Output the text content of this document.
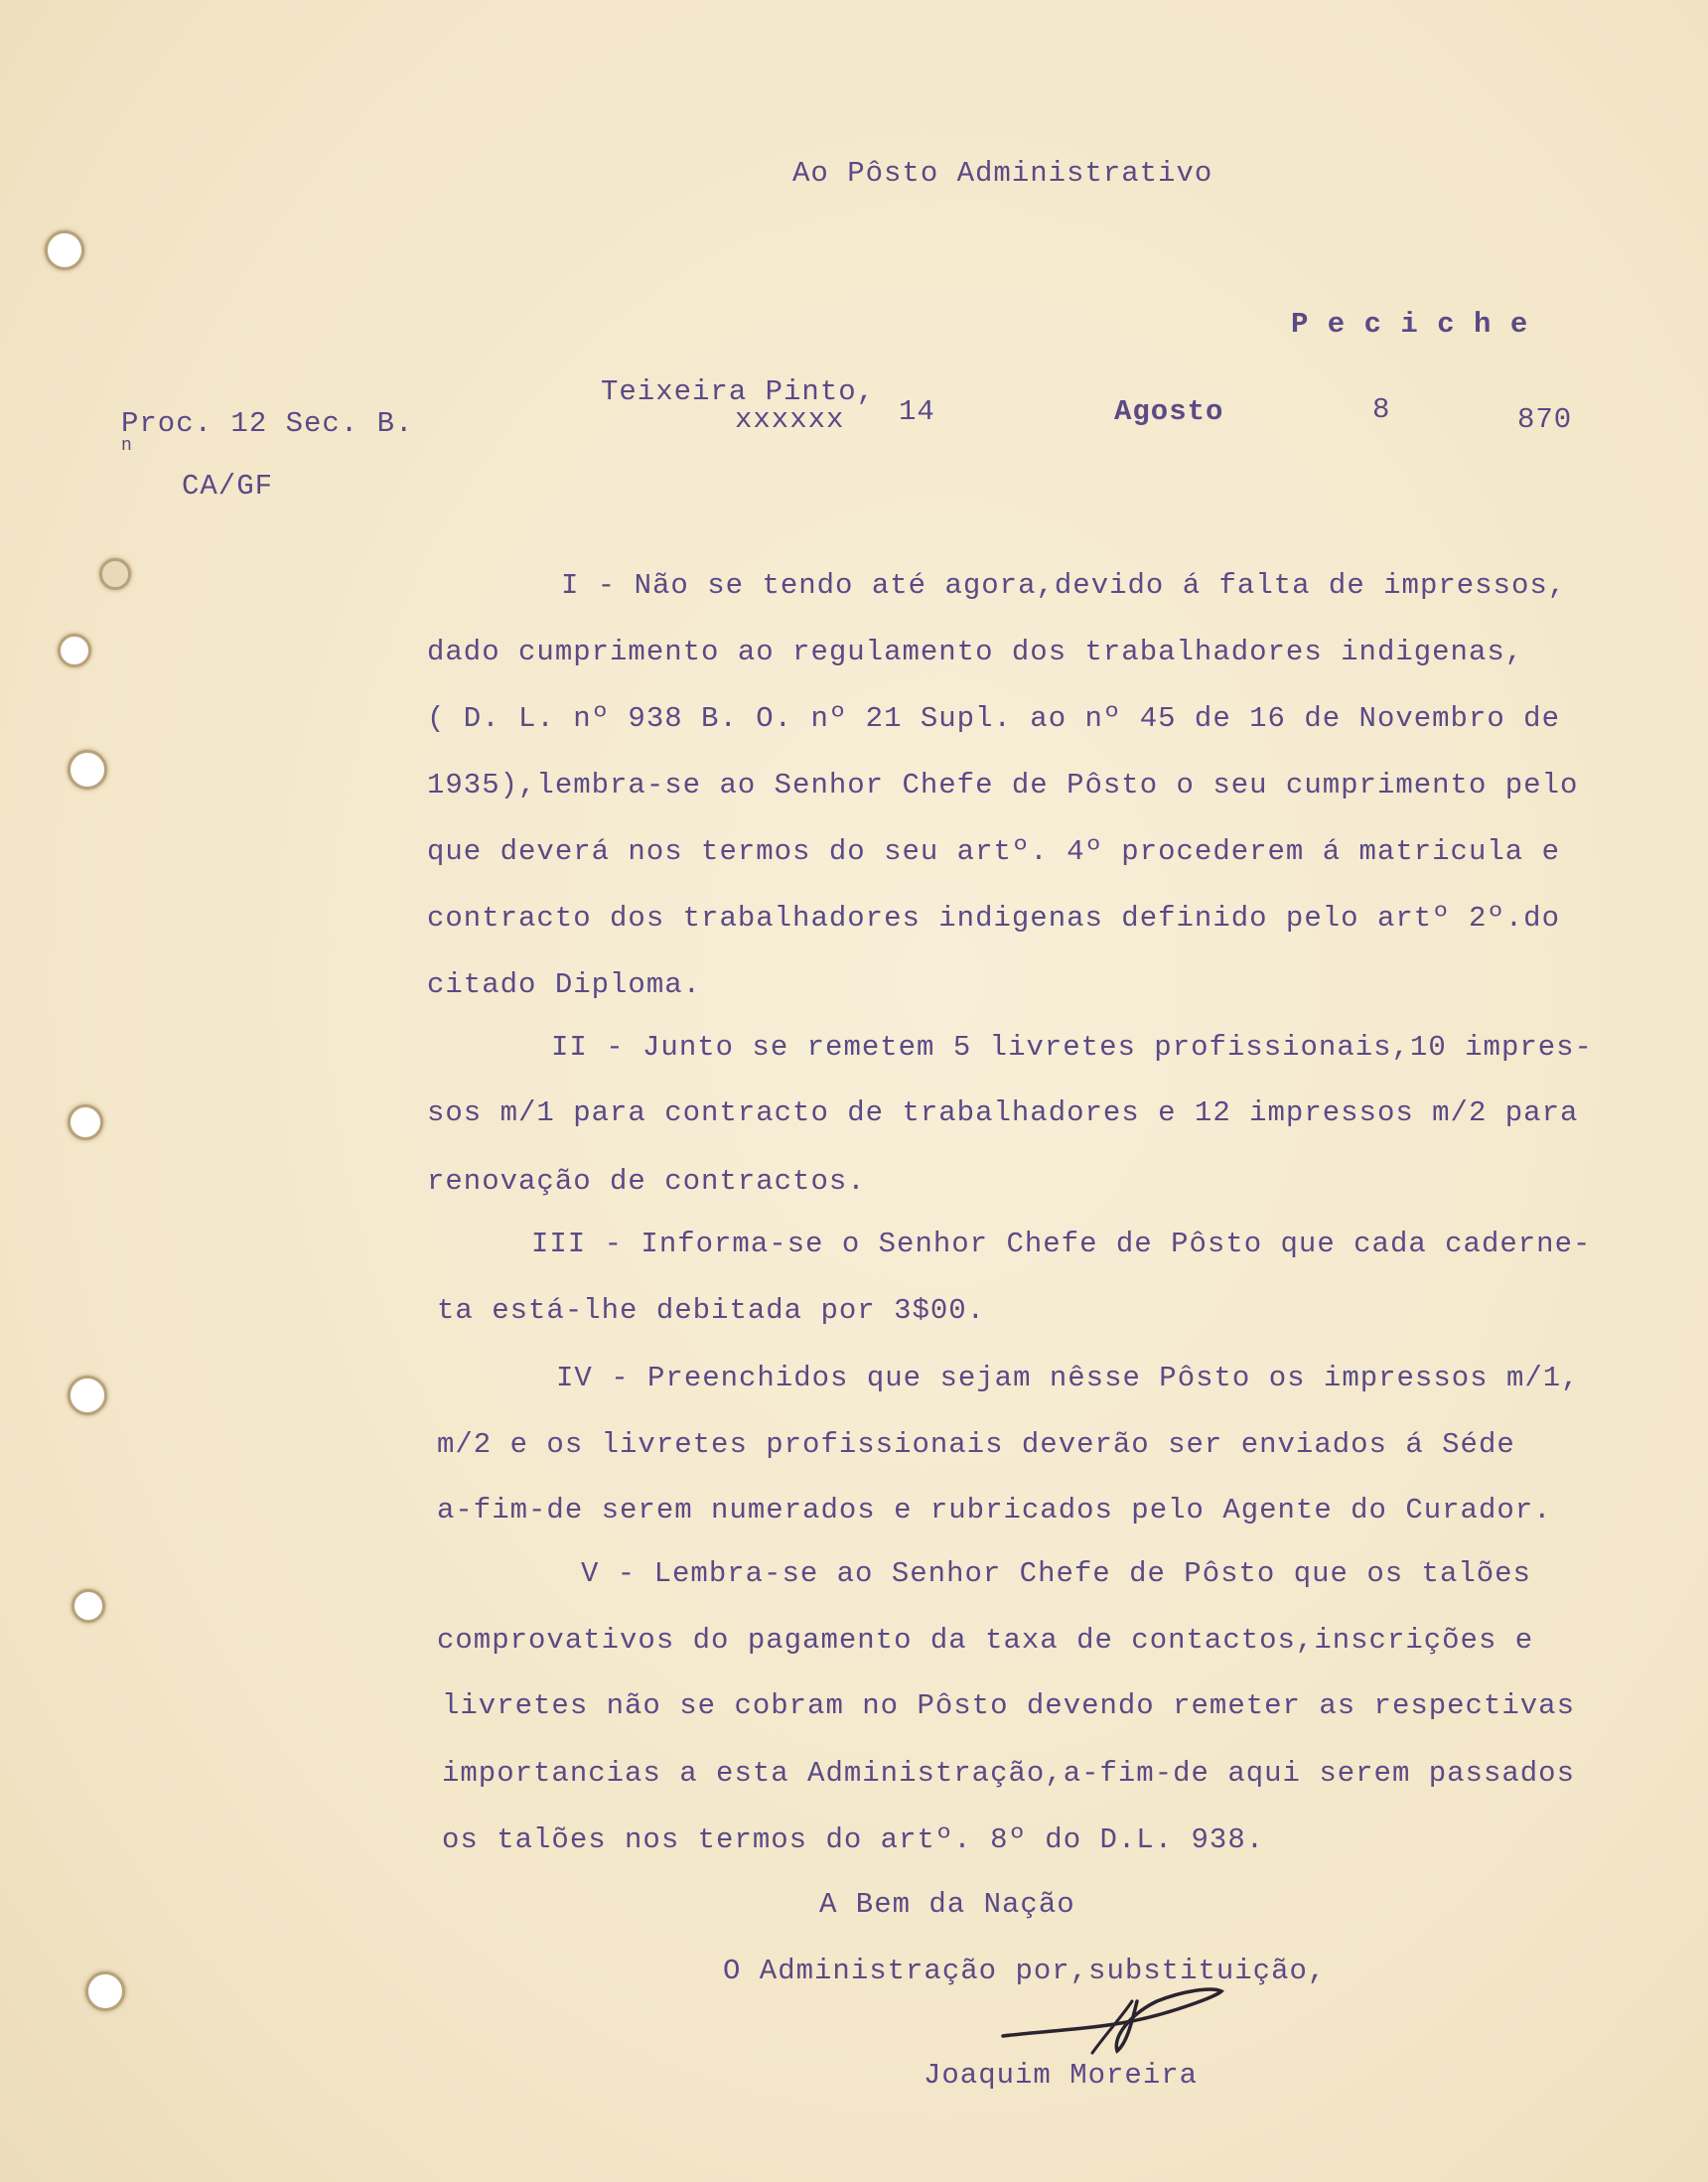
Ao Pôsto Administrativo
P e c i c h e
Teixeira Pinto,
xxxxxx 14	Agosto	8	870
Proc. 12 Sec. B.
n
CA/GF
I - Não se tendo até agora,devido á falta de impressos,
dado cumprimento ao regulamento dos trabalhadores indigenas,
( D. L. nº 938 B. O. nº 21 Supl. ao nº 45 de 16 de Novembro de
1935),lembra-se ao Senhor Chefe de Pôsto o seu cumprimento pelo
que deverá nos termos do seu artº. 4º procederem á matricula e
contracto dos trabalhadores indigenas definido pelo artº 2º.do
citado Diploma.
II - Junto se remetem 5 livretes profissionais,10 impres-
sos m/1 para contracto de trabalhadores e 12 impressos m/2 para
renovação de contractos.
III - Informa-se o Senhor Chefe de Pôsto que cada caderne-
ta está-lhe debitada por 3$00.
IV - Preenchidos que sejam nêsse Pôsto os impressos m/1,
m/2 e os livretes profissionais deverão ser enviados á Séde
a-fim-de serem numerados e rubricados pelo Agente do Curador.
V - Lembra-se ao Senhor Chefe de Pôsto que os talões
comprovativos do pagamento da taxa de contactos,inscrições e
livretes não se cobram no Pôsto devendo remeter as respectivas
importancias a esta Administração,a-fim-de aqui serem passados
os talões nos termos do artº. 8º do D.L. 938.
A Bem da Nação
O Administração por,substituição,
Joaquim Moreira
